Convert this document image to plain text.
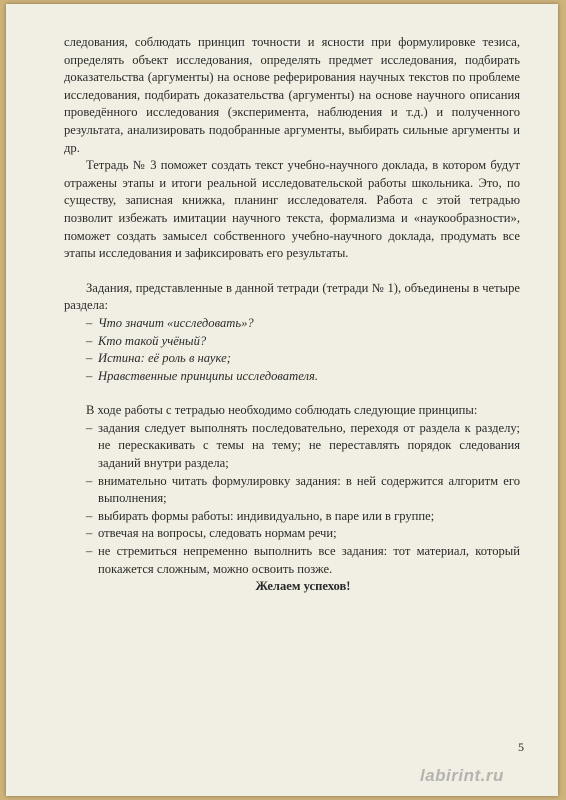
следования, соблюдать принцип точности и ясности при формулировке тезиса, определять объект исследования, определять предмет исследования, подбирать доказательства (аргументы) на основе реферирования научных текстов по проблеме исследования, подбирать доказательства (аргументы) на основе научного описания проведённого исследования (эксперимента, наблюдения и т.д.) и полученного результата, анализировать подобранные аргументы, выбирать сильные аргументы и др.

Тетрадь № 3 поможет создать текст учебно-научного доклада, в котором будут отражены этапы и итоги реальной исследовательской работы школьника. Это, по существу, записная книжка, планинг исследователя. Работа с этой тетрадью позволит избежать имитации научного текста, формализма и «наукообразности», поможет создать замысел собственного учебно-научного доклада, продумать все этапы исследования и зафиксировать его результаты.

Задания, представленные в данной тетради (тетради № 1), объединены в четыре раздела:

– Что значит «исследовать»?
– Кто такой учёный?
– Истина: её роль в науке;
– Нравственные принципы исследователя.

В ходе работы с тетрадью необходимо соблюдать следующие принципы:

– задания следует выполнять последовательно, переходя от раздела к разделу; не перескакивать с темы на тему; не переставлять порядок следования заданий внутри раздела;
– внимательно читать формулировку задания: в ней содержится алгоритм его выполнения;
– выбирать формы работы: индивидуально, в паре или в группе;
– отвечая на вопросы, следовать нормам речи;
– не стремиться непременно выполнить все задания: тот материал, который покажется сложным, можно освоить позже.

Желаем успехов!

5
labirint.ru
